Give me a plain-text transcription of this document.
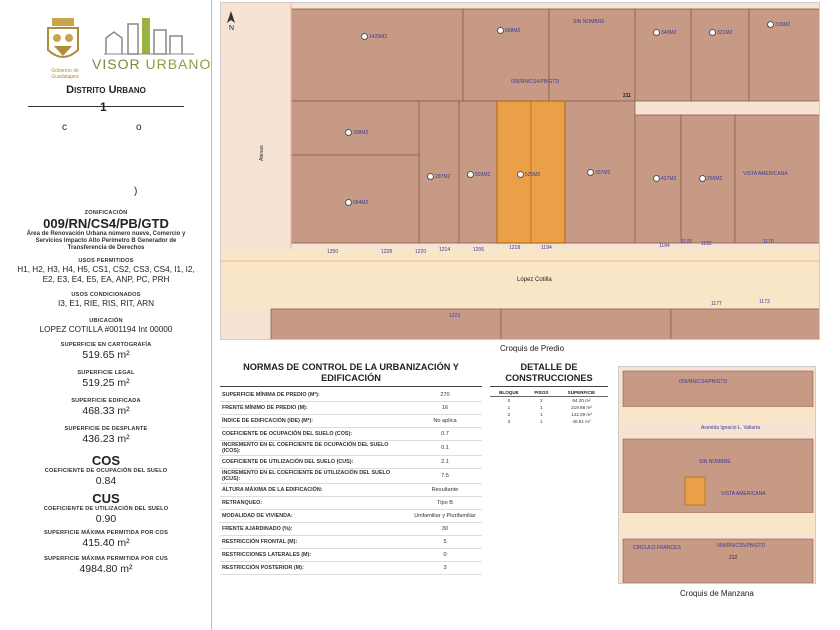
Gobierno de Guadalajara
VISOR URBANO
Distrito Urbano
1
c	o
)
ZONIFICACIÓN
009/RN/CS4/PB/GTD
Área de Renovación Urbana número nueve, Comercio y Servicios Impacto Alto Perímetro B Generador de Transferencia de Derechos
USOS PERMITIDOS
H1, H2, H3, H4, H5, CS1, CS2, CS3, CS4, I1, I2, E2, E3, E4, E5, EA, ANP, PC, PRH
USOS CONDICIONADOS
I3, E1, RIE, RIS, RIT, ARN
UBICACIÓN
LOPEZ COTILLA #001194 Int 00000
SUPERFICIE EN CARTOGRAFÍA
519.65 m²
SUPERFICIE LEGAL
519.25 m²
SUPERFICIE EDIFICADA
468.33 m²
SUPERFICIE DE DESPLANTE
436.23 m²
COS
COEFICIENTE DE OCUPACIÓN DEL SUELO
0.84
CUS
COEFICIENTE DE UTILIZACIÓN DEL SUELO
0.90
SUPERFICIE MÁXIMA PERMITIDA POR COS
415.40 m²
SUPERFICIE MÁXIMA PERMITIDA POR CUS
4984.80 m²
N
Atenas
López Cotilla
009/RN/CS4/PB/GTD
SIN NOMBRE
VISTA AMERICANA
1425M2
698M2	340M2	321M2
316M2
338M2
297M2	503M2	520M2	337M2
427M2	256M2
664M2
1250	1228	1220	1214	1206	1218	1194	1184	1182
1176	1170
1173
1223
1177
211
Croquis de Predio
NORMAS DE CONTROL DE LA URBANIZACIÓN Y EDIFICACIÓN
SUPERFICIE MÍNIMA DE PREDIO (M²):	270
FRENTE MÍNIMO DE PREDIO (M):	16
ÍNDICE DE EDIFICACIÓN (IDE) (M²):	No aplica
COEFICIENTE DE OCUPACIÓN DEL SUELO (COS):	0.7
INCREMENTO EN EL COEFICIENTE DE OCUPACIÓN DEL SUELO (ICOS):	0.1
COEFICIENTE DE UTILIZACIÓN DEL SUELO (CUS):	2.1
INCREMENTO EN EL COEFICIENTE DE UTILIZACIÓN DEL SUELO (ICUS):	7.5
ALTURA MÁXIMA DE LA EDIFICACIÓN:	Resultante
RETRANQUEO:	Tipo B
MODALIDAD DE VIVIENDA:	Unifamiliar y Plurifamiliar
FRENTE AJARDINADO (%):	30
RESTRICCIÓN FRONTAL (M):	5
RESTRICCIONES LATERALES (M):	0
RESTRICCIÓN POSTERIOR (M):	3
DETALLE DE CONSTRUCCIONES
BLOQUE	PISOS	SUPERFICIE
0	2	64.20 m²
1	1	219.88 m²
2	1	142.39 m²
3	1	40.91 m²
009/RN/CS4/PB/GTD
Avenida Ignacio L. Vallarta
SIN NOMBRE
VISTA AMERICANA
CIRCULO FRANCES	009/RN/CS5/PB/GTD
212
Croquis de Manzana
